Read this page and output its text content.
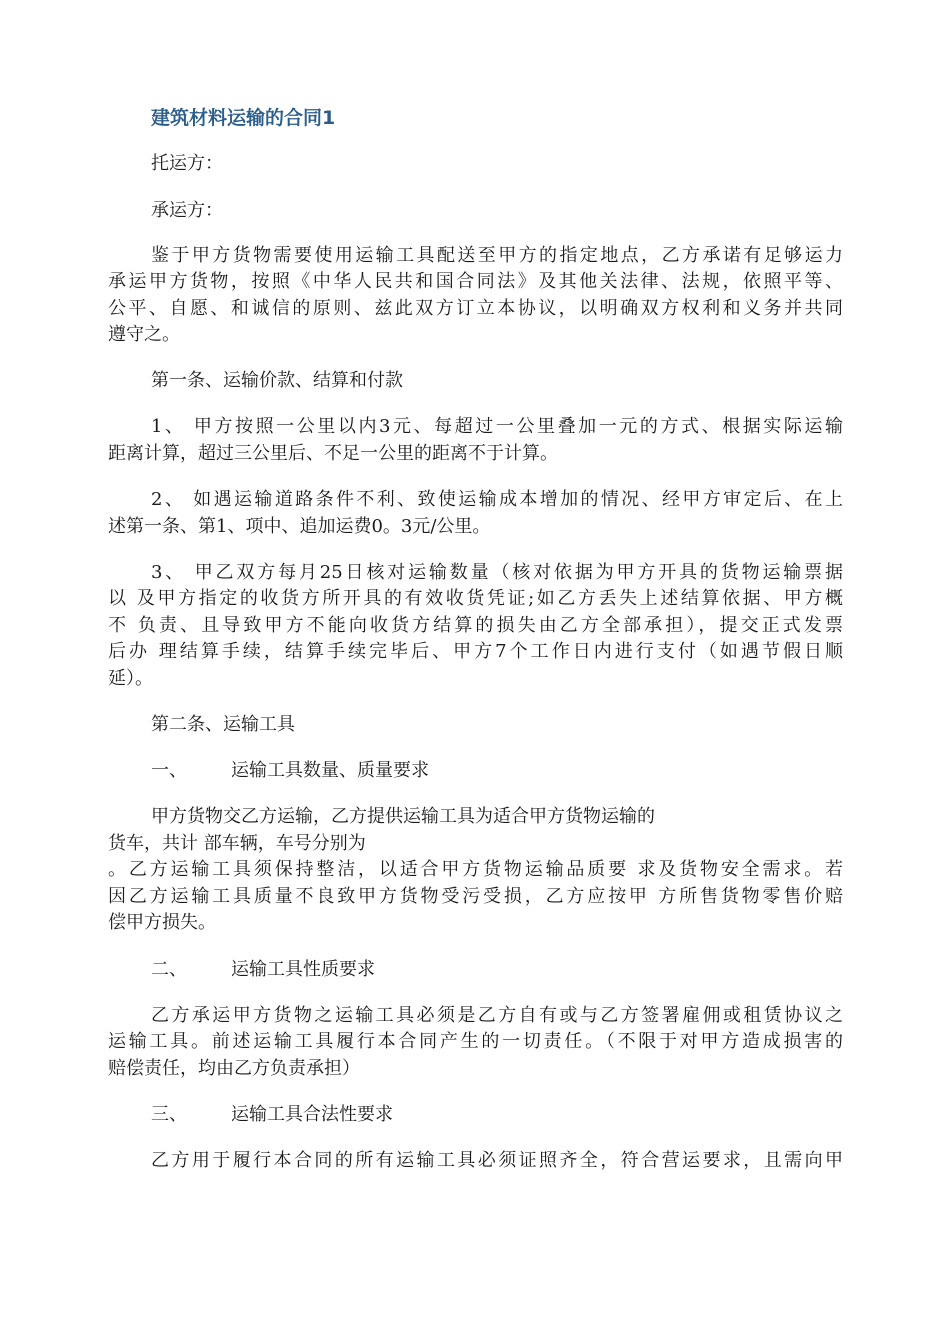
建筑材料运输的合同1
托运方：
承运方：
鉴于甲方货物需要使用运输工具配送至甲方的指定地点，乙方承诺有足够运力
承运甲方货物，按照《中华人民共和国合同法》及其他关法律、法规，依照平等、
公平、自愿、和诚信的原则、兹此双方订立本协议，以明确双方权利和义务并共同
遵守之。
第一条、运输价款、结算和付款
1、 甲方按照一公里以内3元、每超过一公里叠加一元的方式、根据实际运输
距离计算，超过三公里后、不足一公里的距离不于计算。
2、 如遇运输道路条件不利、致使运输成本增加的情况、经甲方审定后、在上
述第一条、第1、项中、追加运费0。3元/公里。
3、 甲乙双方每月25日核对运输数量（核对依据为甲方开具的货物运输票据
以 及甲方指定的收货方所开具的有效收货凭证;如乙方丢失上述结算依据、甲方概
不 负责、且导致甲方不能向收货方结算的损失由乙方全部承担），提交正式发票
后办 理结算手续，结算手续完毕后、甲方7个工作日内进行支付（如遇节假日顺
延）。
第二条、运输工具
一、 运输工具数量、质量要求
甲方货物交乙方运输，乙方提供运输工具为适合甲方货物运输的
货车，共计 部车辆，车号分别为
。乙方运输工具须保持整洁，以适合甲方货物运输品质要 求及货物安全需求。若
因乙方运输工具质量不良致甲方货物受污受损，乙方应按甲 方所售货物零售价赔
偿甲方损失。
二、 运输工具性质要求
乙方承运甲方货物之运输工具必须是乙方自有或与乙方签署雇佣或租赁协议之
运输工具。前述运输工具履行本合同产生的一切责任。（不限于对甲方造成损害的
赔偿责任，均由乙方负责承担）
三、 运输工具合法性要求
乙方用于履行本合同的所有运输工具必须证照齐全，符合营运要求，且需向甲
